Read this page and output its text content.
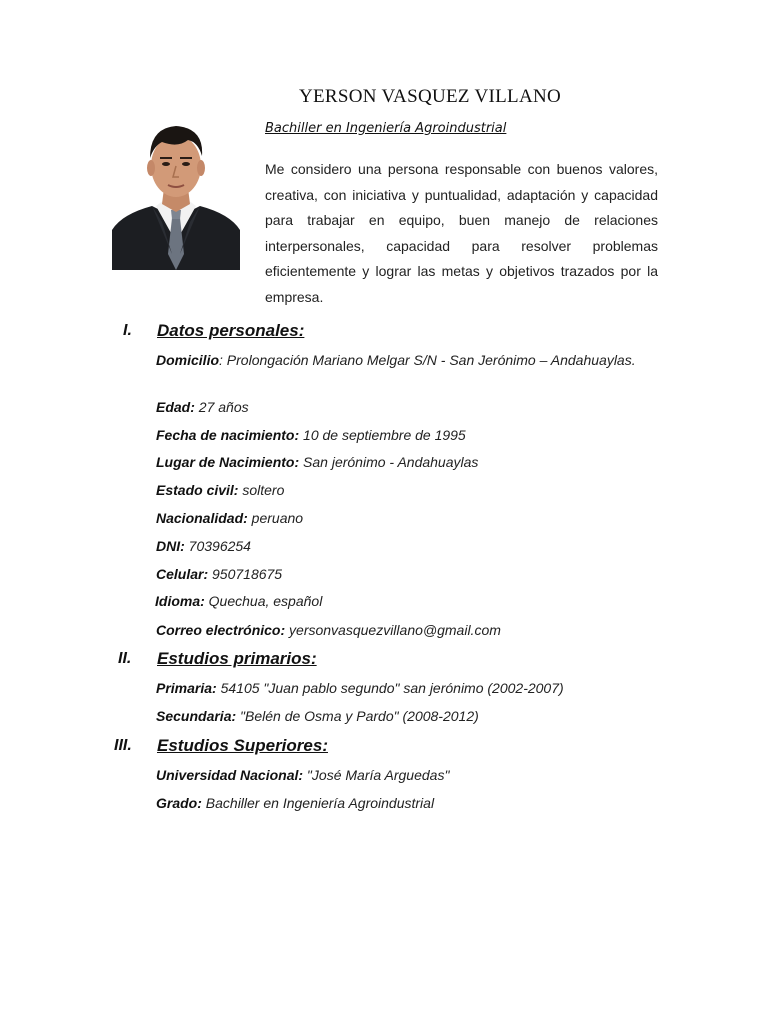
YERSON VASQUEZ VILLANO
Bachiller en Ingeniería Agroindustrial
Me considero una persona responsable con buenos valores, creativa, con iniciativa y puntualidad, adaptación y capacidad para trabajar en equipo, buen manejo de relaciones interpersonales, capacidad para resolver problemas eficientemente y lograr las metas y objetivos trazados por la empresa.
I. Datos personales:
Domicilio: Prolongación Mariano Melgar S/N - San Jerónimo – Andahuaylas.
Edad: 27 años
Fecha de nacimiento: 10 de septiembre de 1995
Lugar de Nacimiento: San jerónimo - Andahuaylas
Estado civil: soltero
Nacionalidad: peruano
DNI: 70396254
Celular: 950718675
Idioma: Quechua, español
Correo electrónico: yersonvasquezvillano@gmail.com
II. Estudios primarios:
Primaria: 54105 "Juan pablo segundo" san jerónimo (2002-2007)
Secundaria: "Belén de Osma y Pardo" (2008-2012)
III. Estudios Superiores:
Universidad Nacional: "José María Arguedas"
Grado: Bachiller en Ingeniería Agroindustrial
